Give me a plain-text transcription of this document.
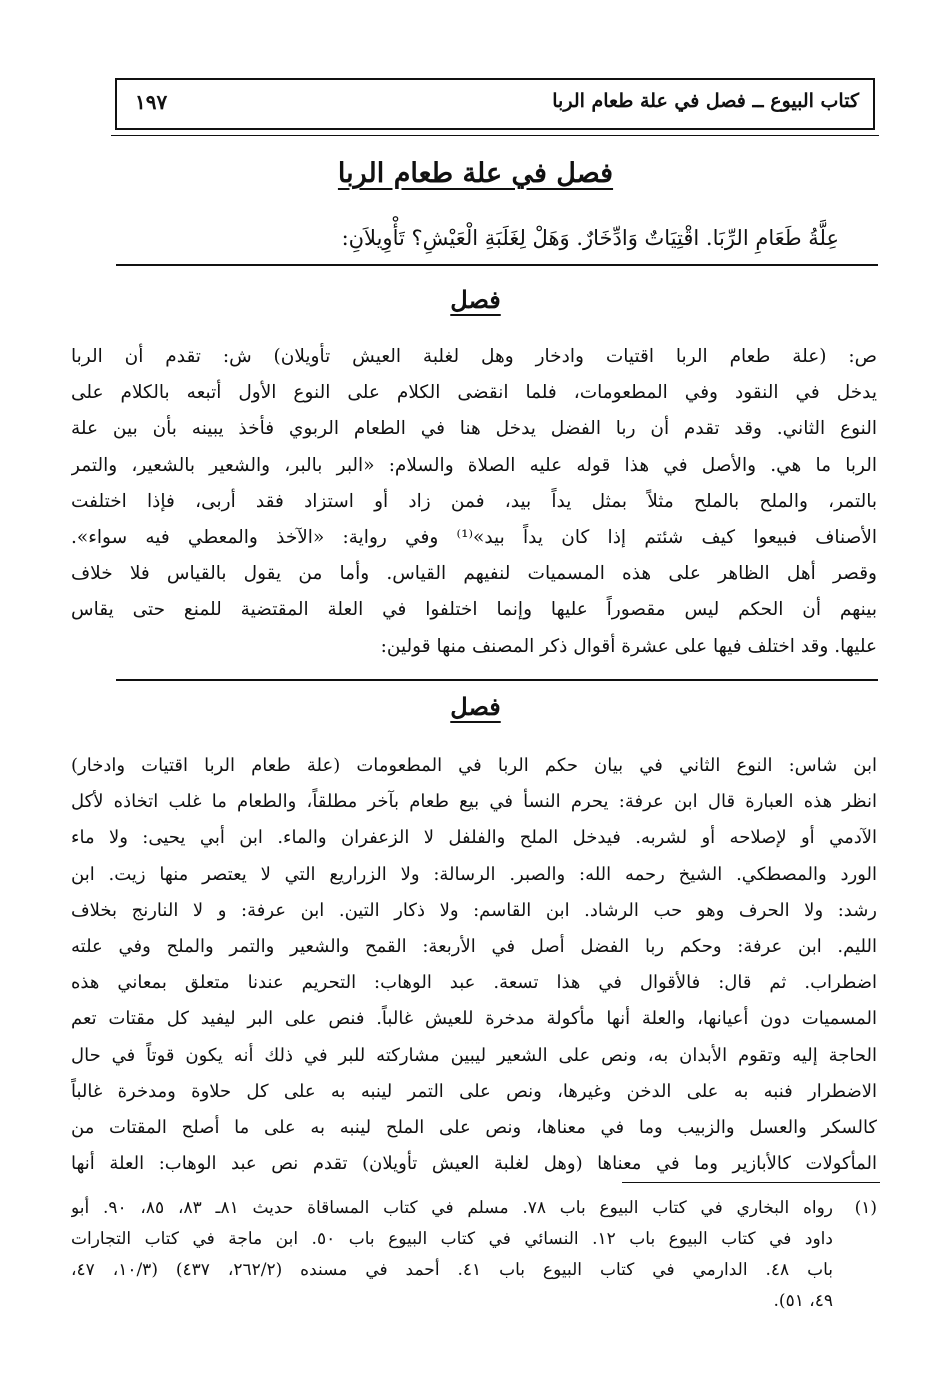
كتاب البيوع ــ فصل في علة طعام الربا
١٩٧
فصل في علة طعام الربا
عِلَّةُ طَعَامِ الرِّبَا. اقْتِيَاتٌ وَادِّخَارٌ. وَهَلْ لِغَلَبَةِ الْعَيْشِ؟ تَأْوِيلاَنِ:
فصل
ص: (علة طعام الربا اقتيات وادخار وهل لغلبة العيش تأويلان) ش: تقدم أن الربا
يدخل في النقود وفي المطعومات، فلما انقضى الكلام على النوع الأول أتبعه بالكلام على
النوع الثاني. وقد تقدم أن ربا الفضل يدخل هنا في الطعام الربوي فأخذ يبينه بأن بين علة
الربا ما هي. والأصل في هذا قوله عليه الصلاة والسلام: «البر بالبر، والشعير بالشعير، والتمر
بالتمر، والملح بالملح مثلاً بمثل يداً بيد، فمن زاد أو استزاد فقد أربى، فإذا اختلفت
الأصناف فبيعوا كيف شئتم إذا كان يداً بيد»⁽¹⁾ وفي رواية: «الآخذ والمعطي فيه سواء».
وقصر أهل الظاهر على هذه المسميات لنفيهم القياس. وأما من يقول بالقياس فلا خلاف
بينهم أن الحكم ليس مقصوراً عليها وإنما اختلفوا في العلة المقتضية للمنع حتى يقاس
عليها. وقد اختلف فيها على عشرة أقوال ذكر المصنف منها قولين:
فصل
ابن شاس: النوع الثاني في بيان حكم الربا في المطعومات (علة طعام الربا اقتيات وادخار)
انظر هذه العبارة قال ابن عرفة: يحرم النسأ في بيع طعام بآخر مطلقاً، والطعام ما غلب اتخاذه لأكل
الآدمي أو لإصلاحه أو لشربه. فيدخل الملح والفلفل لا الزعفران والماء. ابن أبي يحيى: ولا ماء
الورد والمصطكي. الشيخ رحمه الله: والصبر. الرسالة: ولا الزراريع التي لا يعتصر منها زيت. ابن
رشد: ولا الحرف وهو حب الرشاد. ابن القاسم: ولا ذكار التين. ابن عرفة: و لا النارنج بخلاف
الليم. ابن عرفة: وحكم ربا الفضل أصل في الأربعة: القمح والشعير والتمر والملح وفي علته
اضطراب. ثم قال: فالأقوال في هذا تسعة. عبد الوهاب: التحريم عندنا متعلق بمعاني هذه
المسميات دون أعيانها، والعلة أنها مأكولة مدخرة للعيش غالباً. فنص على البر ليفيد كل مقتات تعم
الحاجة إليه وتقوم الأبدان به، ونص على الشعير ليبين مشاركته للبر في ذلك أنه يكون قوتاً في حال
الاضطرار فنبه به على الدخن وغيرها، ونص على التمر لينبه به على كل حلاوة ومدخرة غالباً
كالسكر والعسل والزبيب وما في معناها، ونص على الملح لينبه به على ما أصلح المقتات من
المأكولات كالأبازير وما في معناها (وهل لغلبة العيش تأويلان) تقدم نص عبد الوهاب: العلة أنها
(١)
رواه البخاري في كتاب البيوع باب ٧٨. مسلم في كتاب المساقاة حديث ٨١ـ ٨٣، ٨٥، ٩٠. أبو
داود في كتاب البيوع باب ١٢. النسائي في كتاب البيوع باب ٥٠. ابن ماجة في كتاب التجارات
باب ٤٨. الدارمي في كتاب البيوع باب ٤١. أحمد في مسنده (٢٦٢/٢، ٤٣٧) (١٠/٣، ٤٧،
٤٩، ٥١).
